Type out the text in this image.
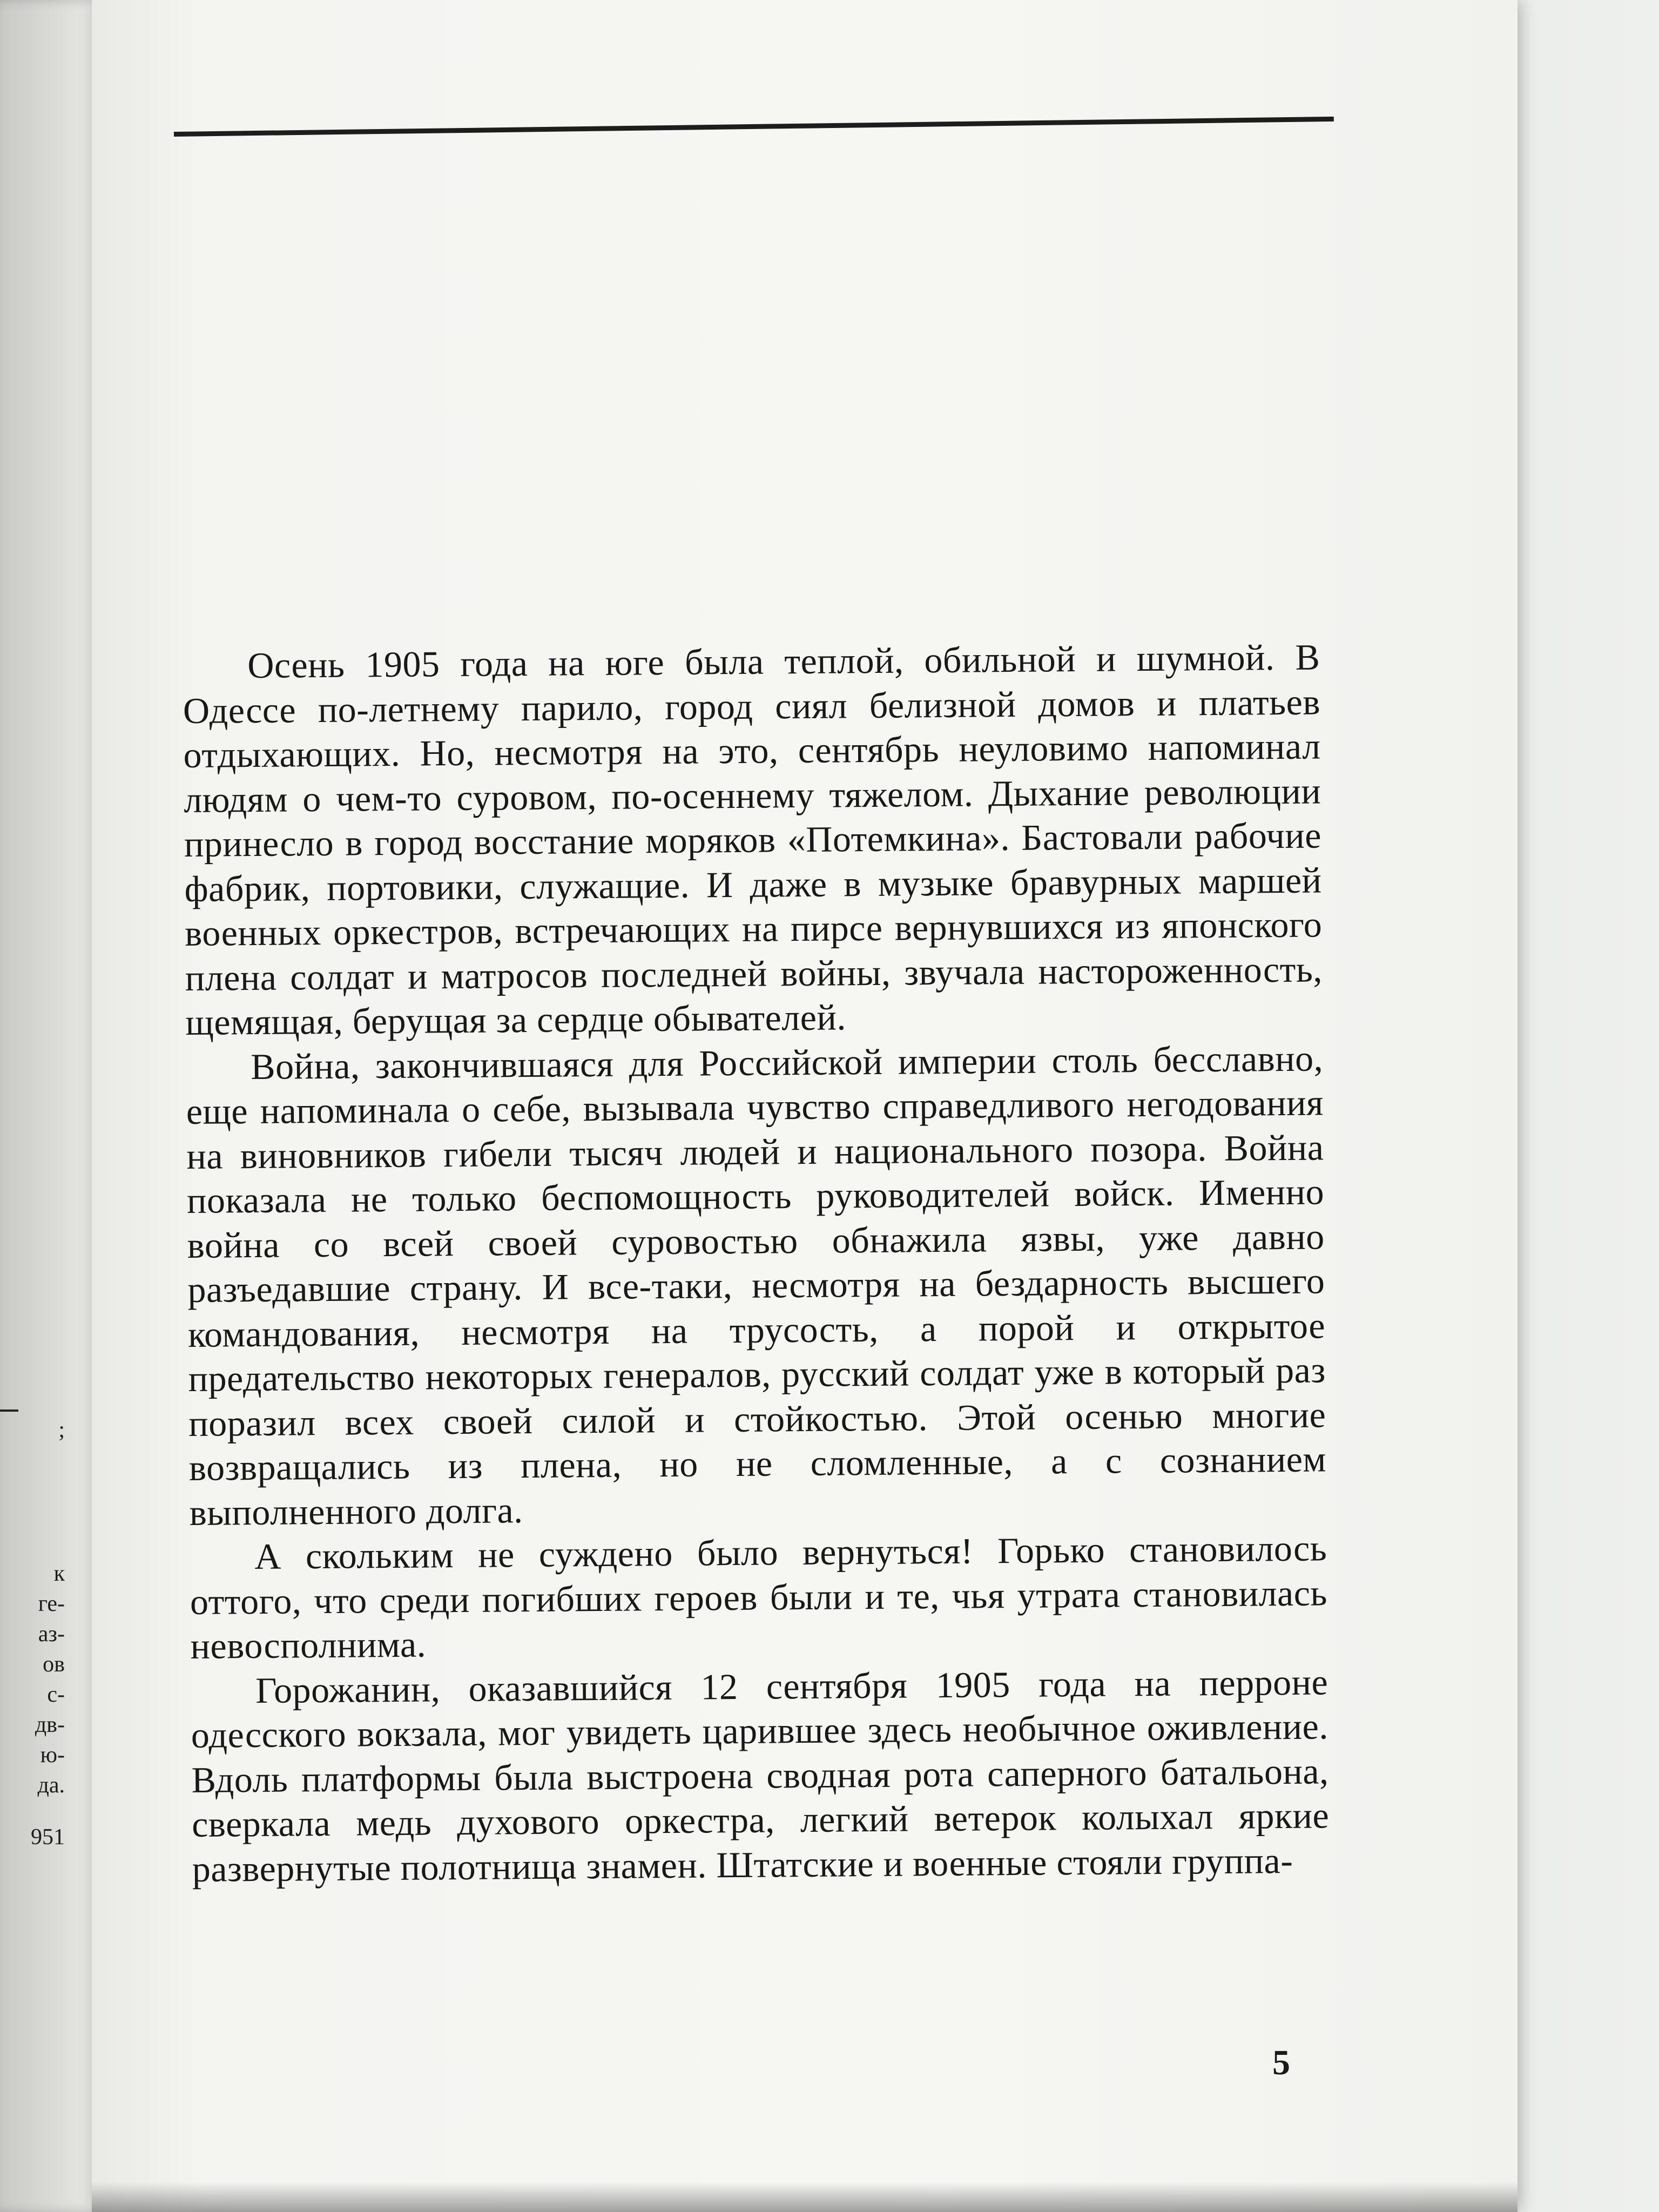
;
к
ге-
аз-
ов
с-
дв-
ю-
да.
951

Осень 1905 года на юге была теплой, обильной и шумной. В Одессе по-летнему парило, город сиял белизной домов и платьев отдыхающих. Но, несмотря на это, сентябрь неуловимо напоминал людям о чем-то суровом, по-осеннему тяжелом. Дыхание революции принесло в город восстание моряков «Потемкина». Бастовали рабочие фабрик, портовики, служащие. И даже в музыке бравурных маршей военных оркестров, встречающих на пирсе вернувшихся из японского плена солдат и матросов последней войны, звучала настороженность, щемящая, берущая за сердце обывателей.

Война, закончившаяся для Российской империи столь бесславно, еще напоминала о себе, вызывала чувство справедливого негодования на виновников гибели тысяч людей и национального позора. Война показала не только беспомощность руководителей войск. Именно война со всей своей суровостью обнажила язвы, уже давно разъедавшие страну. И все-таки, несмотря на бездарность высшего командования, несмотря на трусость, а порой и открытое предательство некоторых генералов, русский солдат уже в который раз поразил всех своей силой и стойкостью. Этой осенью многие возвращались из плена, но не сломленные, а с сознанием выполненного долга.

А скольким не суждено было вернуться! Горько становилось оттого, что среди погибших героев были и те, чья утрата становилась невосполнима.

Горожанин, оказавшийся 12 сентября 1905 года на перроне одесского вокзала, мог увидеть царившее здесь необычное оживление. Вдоль платформы была выстроена сводная рота саперного батальона, сверкала медь духового оркестра, легкий ветерок колыхал яркие развернутые полотнища знамен. Штатские и военные стояли группа-

5
